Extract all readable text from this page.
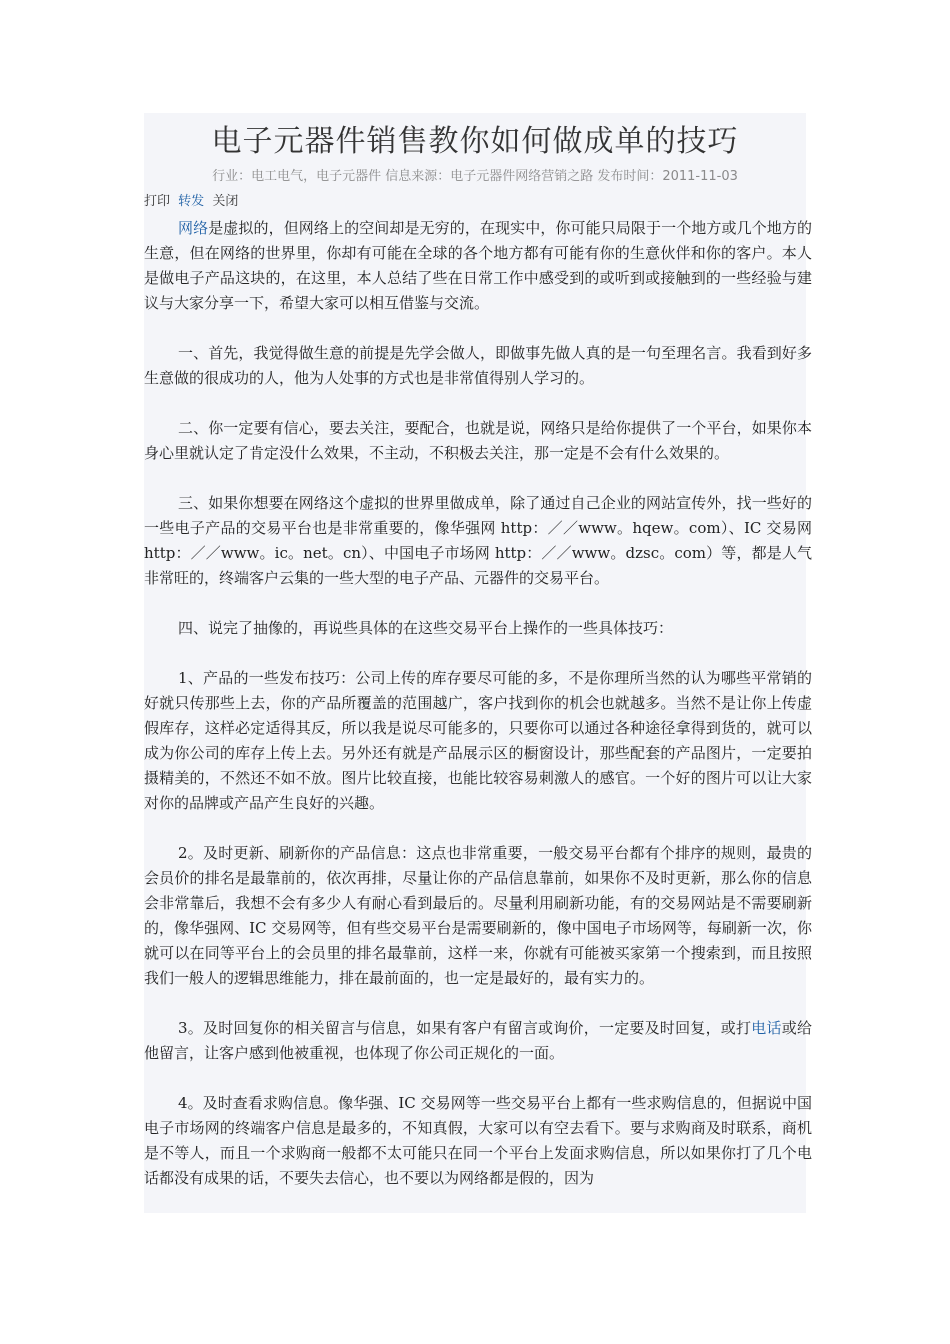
电子元器件销售教你如何做成单的技巧
行业：电工电气，电子元器件 信息来源：电子元器件网络营销之路 发布时间：2011-11-03
打印 转发 关闭

网络是虚拟的，但网络上的空间却是无穷的，在现实中，你可能只局限于一个地方或几个地方的生意，但在网络的世界里，你却有可能在全球的各个地方都有可能有你的生意伙伴和你的客户。本人是做电子产品这块的，在这里，本人总结了些在日常工作中感受到的或听到或接触到的一些经验与建议与大家分享一下，希望大家可以相互借鉴与交流。

一、首先，我觉得做生意的前提是先学会做人，即做事先做人真的是一句至理名言。我看到好多生意做的很成功的人，他为人处事的方式也是非常值得别人学习的。

二、你一定要有信心，要去关注，要配合，也就是说，网络只是给你提供了一个平台，如果你本身心里就认定了肯定没什么效果，不主动，不积极去关注，那一定是不会有什么效果的。

三、如果你想要在网络这个虚拟的世界里做成单，除了通过自己企业的网站宣传外，找一些好的一些电子产品的交易平台也是非常重要的，像华强网 http：／／www。hqew。com）、IC 交易网 http：／／www。ic。net。cn）、中国电子市场网 http：／／www。dzsc。com）等，都是人气非常旺的，终端客户云集的一些大型的电子产品、元器件的交易平台。

四、说完了抽像的，再说些具体的在这些交易平台上操作的一些具体技巧：

1、产品的一些发布技巧：公司上传的库存要尽可能的多，不是你理所当然的认为哪些平常销的好就只传那些上去，你的产品所覆盖的范围越广，客户找到你的机会也就越多。当然不是让你上传虚假库存，这样必定适得其反，所以我是说尽可能多的，只要你可以通过各种途径拿得到货的，就可以成为你公司的库存上传上去。另外还有就是产品展示区的橱窗设计，那些配套的产品图片，一定要拍摄精美的，不然还不如不放。图片比较直接，也能比较容易刺激人的感官。一个好的图片可以让大家对你的品牌或产品产生良好的兴趣。

2。及时更新、刷新你的产品信息：这点也非常重要，一般交易平台都有个排序的规则，最贵的会员价的排名是最靠前的，依次再排，尽量让你的产品信息靠前，如果你不及时更新，那么你的信息会非常靠后，我想不会有多少人有耐心看到最后的。尽量利用刷新功能，有的交易网站是不需要刷新的，像华强网、IC 交易网等，但有些交易平台是需要刷新的，像中国电子市场网等，每刷新一次，你就可以在同等平台上的会员里的排名最靠前，这样一来，你就有可能被买家第一个搜索到，而且按照我们一般人的逻辑思维能力，排在最前面的，也一定是最好的，最有实力的。

3。及时回复你的相关留言与信息，如果有客户有留言或询价，一定要及时回复，或打电话或给他留言，让客户感到他被重视，也体现了你公司正规化的一面。

4。及时查看求购信息。像华强、IC 交易网等一些交易平台上都有一些求购信息的，但据说中国电子市场网的终端客户信息是最多的，不知真假，大家可以有空去看下。要与求购商及时联系，商机是不等人，而且一个求购商一般都不太可能只在同一个平台上发面求购信息，所以如果你打了几个电话都没有成果的话，不要失去信心，也不要以为网络都是假的，因为
